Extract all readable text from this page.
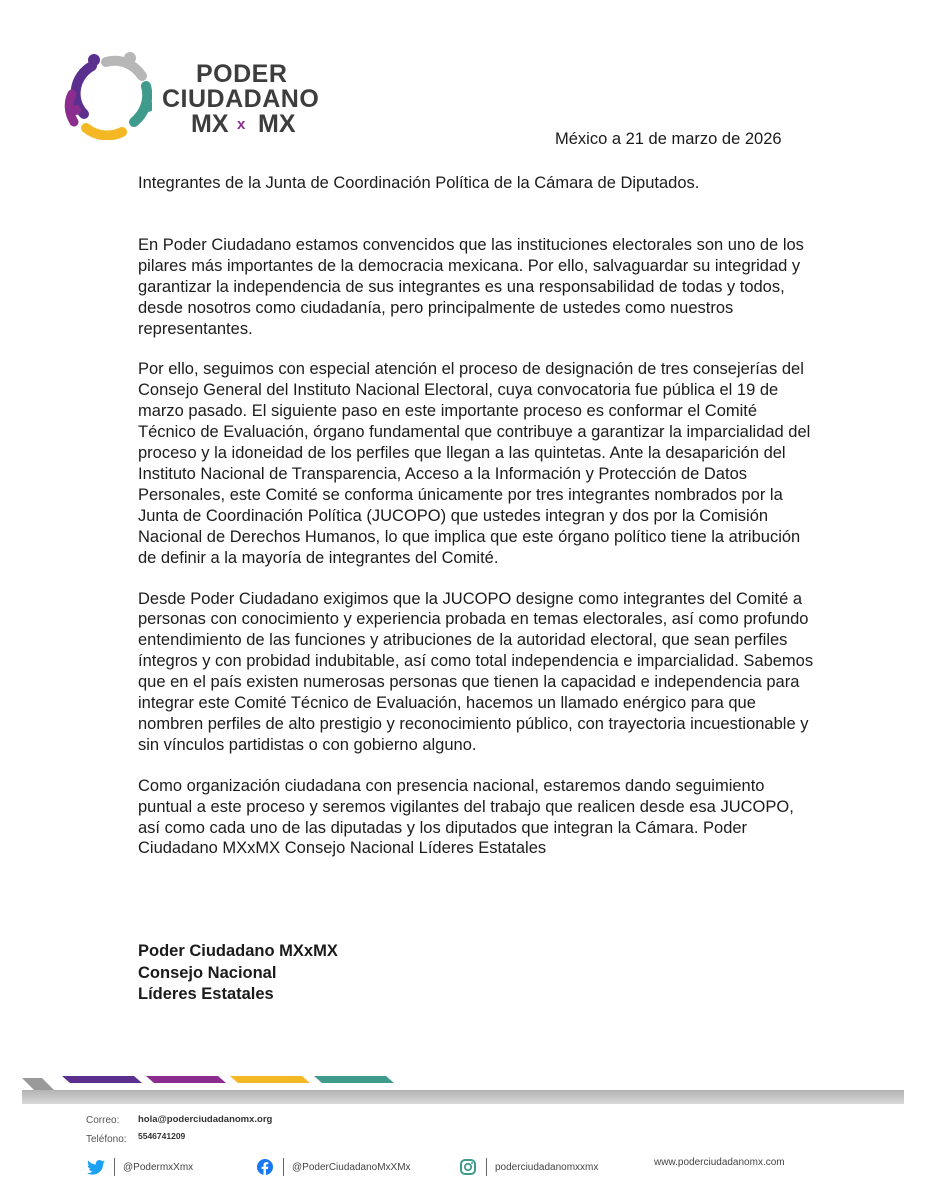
PODER
CIUDADANO
MX x MX
México a 21 de marzo de 2026

Integrantes de la Junta de Coordinación Política de la Cámara de Diputados.

En Poder Ciudadano estamos convencidos que las instituciones electorales son uno de los pilares más importantes de la democracia mexicana. Por ello, salvaguardar su integridad y garantizar la independencia de sus integrantes es una responsabilidad de todas y todos, desde nosotros como ciudadanía, pero principalmente de ustedes como nuestros representantes.

Por ello, seguimos con especial atención el proceso de designación de tres consejerías del Consejo General del Instituto Nacional Electoral, cuya convocatoria fue pública el 19 de marzo pasado. El siguiente paso en este importante proceso es conformar el Comité Técnico de Evaluación, órgano fundamental que contribuye a garantizar la imparcialidad del proceso y la idoneidad de los perfiles que llegan a las quintetas. Ante la desaparición del Instituto Nacional de Transparencia, Acceso a la Información y Protección de Datos Personales, este Comité se conforma únicamente por tres integrantes nombrados por la Junta de Coordinación Política (JUCOPO) que ustedes integran y dos por la Comisión Nacional de Derechos Humanos, lo que implica que este órgano político tiene la atribución de definir a la mayoría de integrantes del Comité.

Desde Poder Ciudadano exigimos que la JUCOPO designe como integrantes del Comité a personas con conocimiento y experiencia probada en temas electorales, así como profundo entendimiento de las funciones y atribuciones de la autoridad electoral, que sean perfiles íntegros y con probidad indubitable, así como total independencia e imparcialidad. Sabemos que en el país existen numerosas personas que tienen la capacidad e independencia para integrar este Comité Técnico de Evaluación, hacemos un llamado enérgico para que nombren perfiles de alto prestigio y reconocimiento público, con trayectoria incuestionable y sin vínculos partidistas o con gobierno alguno.

Como organización ciudadana con presencia nacional, estaremos dando seguimiento puntual a este proceso y seremos vigilantes del trabajo que realicen desde esa JUCOPO, así como cada uno de las diputadas y los diputados que integran la Cámara. Poder Ciudadano MXxMX Consejo Nacional Líderes Estatales

Poder Ciudadano MXxMX
Consejo Nacional
Líderes Estatales
Correo: hola@poderciudadanomx.org
Teléfono: 5546741209
@PodermxXmx	@PoderCiudadanoMxXMx	poderciudadanomxxmx	www.poderciudadanomx.com
